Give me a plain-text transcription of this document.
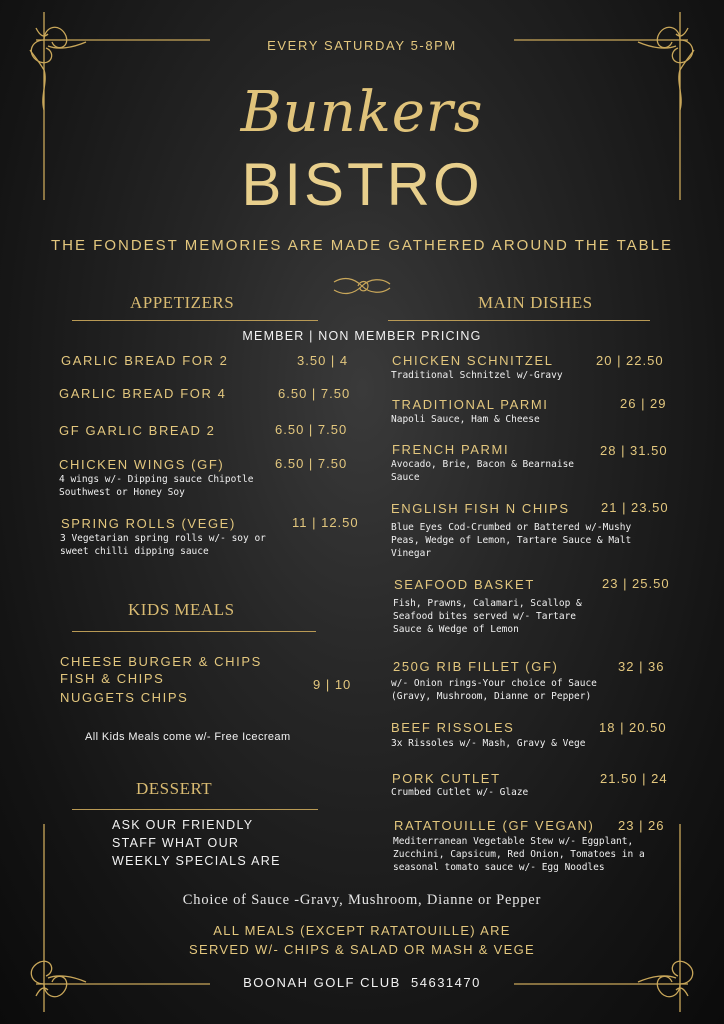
EVERY SATURDAY 5-8PM
Bunkers
BISTRO
THE FONDEST MEMORIES ARE MADE GATHERED AROUND THE TABLE
APPETIZERS	MAIN DISHES
MEMBER | NON MEMBER PRICING
GARLIC BREAD FOR 2	3.50 | 4
GARLIC BREAD FOR 4	6.50 | 7.50
GF GARLIC BREAD 2	6.50 | 7.50
CHICKEN WINGS (GF)	6.50 | 7.50
4 wings w/- Dipping sauce Chipotle Southwest or Honey Soy
SPRING ROLLS (VEGE)	11 | 12.50
3 Vegetarian spring rolls w/- soy or sweet chilli dipping sauce
KIDS MEALS
CHEESE BURGER & CHIPS
FISH & CHIPS
NUGGETS CHIPS
9 | 10
All Kids Meals come w/- Free Icecream
DESSERT
ASK OUR FRIENDLY
STAFF WHAT OUR
WEEKLY SPECIALS ARE
CHICKEN SCHNITZEL	20 | 22.50
Traditional Schnitzel w/-Gravy
TRADITIONAL PARMI	26 | 29
Napoli Sauce, Ham & Cheese
FRENCH PARMI	28 | 31.50
Avocado, Brie, Bacon & Bearnaise Sauce
ENGLISH FISH N CHIPS 21 | 23.50
Blue Eyes Cod-Crumbed or Battered w/-Mushy Peas, Wedge of Lemon, Tartare Sauce & Malt Vinegar
SEAFOOD BASKET	23 | 25.50
Fish, Prawns, Calamari, Scallop & Seafood bites served w/- Tartare Sauce & Wedge of Lemon
250G RIB FILLET (GF)	32 | 36
w/- Onion rings-Your choice of Sauce (Gravy, Mushroom, Dianne or Pepper)
BEEF RISSOLES	18 | 20.50
3x Rissoles w/- Mash, Gravy & Vege
PORK CUTLET	21.50 | 24
Crumbed Cutlet w/- Glaze
RATATOUILLE (GF VEGAN) 23 | 26
Mediterranean Vegetable Stew w/- Eggplant, Zucchini, Capsicum, Red Onion, Tomatoes in a seasonal tomato sauce w/- Egg Noodles
Choice of Sauce -Gravy, Mushroom, Dianne or Pepper
ALL MEALS (EXCEPT RATATOUILLE) ARE
SERVED W/- CHIPS & SALAD OR MASH & VEGE
BOONAH GOLF CLUB 54631470
